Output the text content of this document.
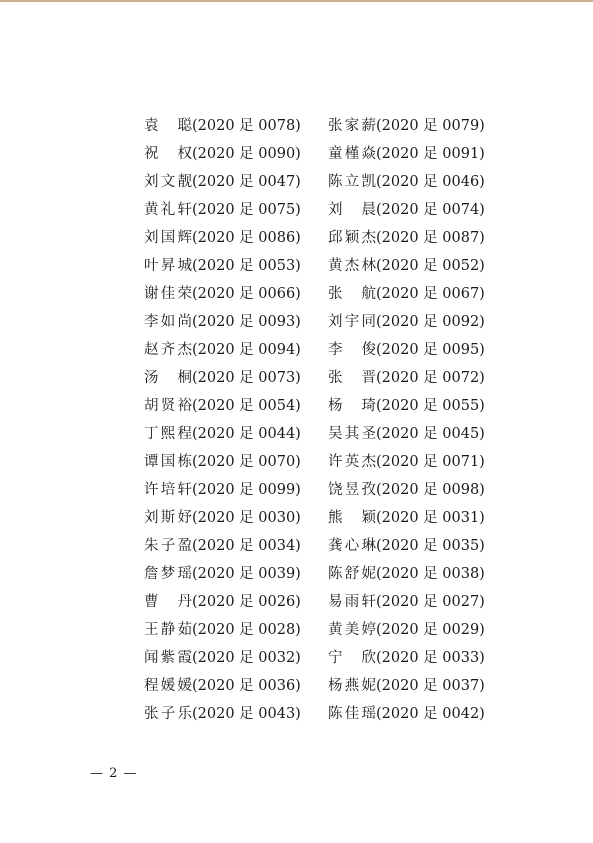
袁 聪 (2020 足 0078) 张家薪 (2020 足 0079)
祝 权 (2020 足 0090) 童槿焱 (2020 足 0091)
刘文靓 (2020 足 0047) 陈立凯 (2020 足 0046)
黄礼轩 (2020 足 0075) 刘 晨 (2020 足 0074)
刘国辉 (2020 足 0086) 邱颖杰 (2020 足 0087)
叶昇城 (2020 足 0053) 黄杰林 (2020 足 0052)
谢佳荣 (2020 足 0066) 张 航 (2020 足 0067)
李如尚 (2020 足 0093) 刘宇同 (2020 足 0092)
赵齐杰 (2020 足 0094) 李 俊 (2020 足 0095)
汤 桐 (2020 足 0073) 张 晋 (2020 足 0072)
胡贤裕 (2020 足 0054) 杨 琦 (2020 足 0055)
丁熙程 (2020 足 0044) 吴其圣 (2020 足 0045)
谭国栋 (2020 足 0070) 许英杰 (2020 足 0071)
许培轩 (2020 足 0099) 饶昱孜 (2020 足 0098)
刘斯妤 (2020 足 0030) 熊 颖 (2020 足 0031)
朱子盈 (2020 足 0034) 龚心琳 (2020 足 0035)
詹梦瑶 (2020 足 0039) 陈舒妮 (2020 足 0038)
曹 丹 (2020 足 0026) 易雨轩 (2020 足 0027)
王静茹 (2020 足 0028) 黄美婷 (2020 足 0029)
闻紫霞 (2020 足 0032) 宁 欣 (2020 足 0033)
程媛媛 (2020 足 0036) 杨燕妮 (2020 足 0037)
张子乐 (2020 足 0043) 陈佳瑶 (2020 足 0042)
— 2 —
